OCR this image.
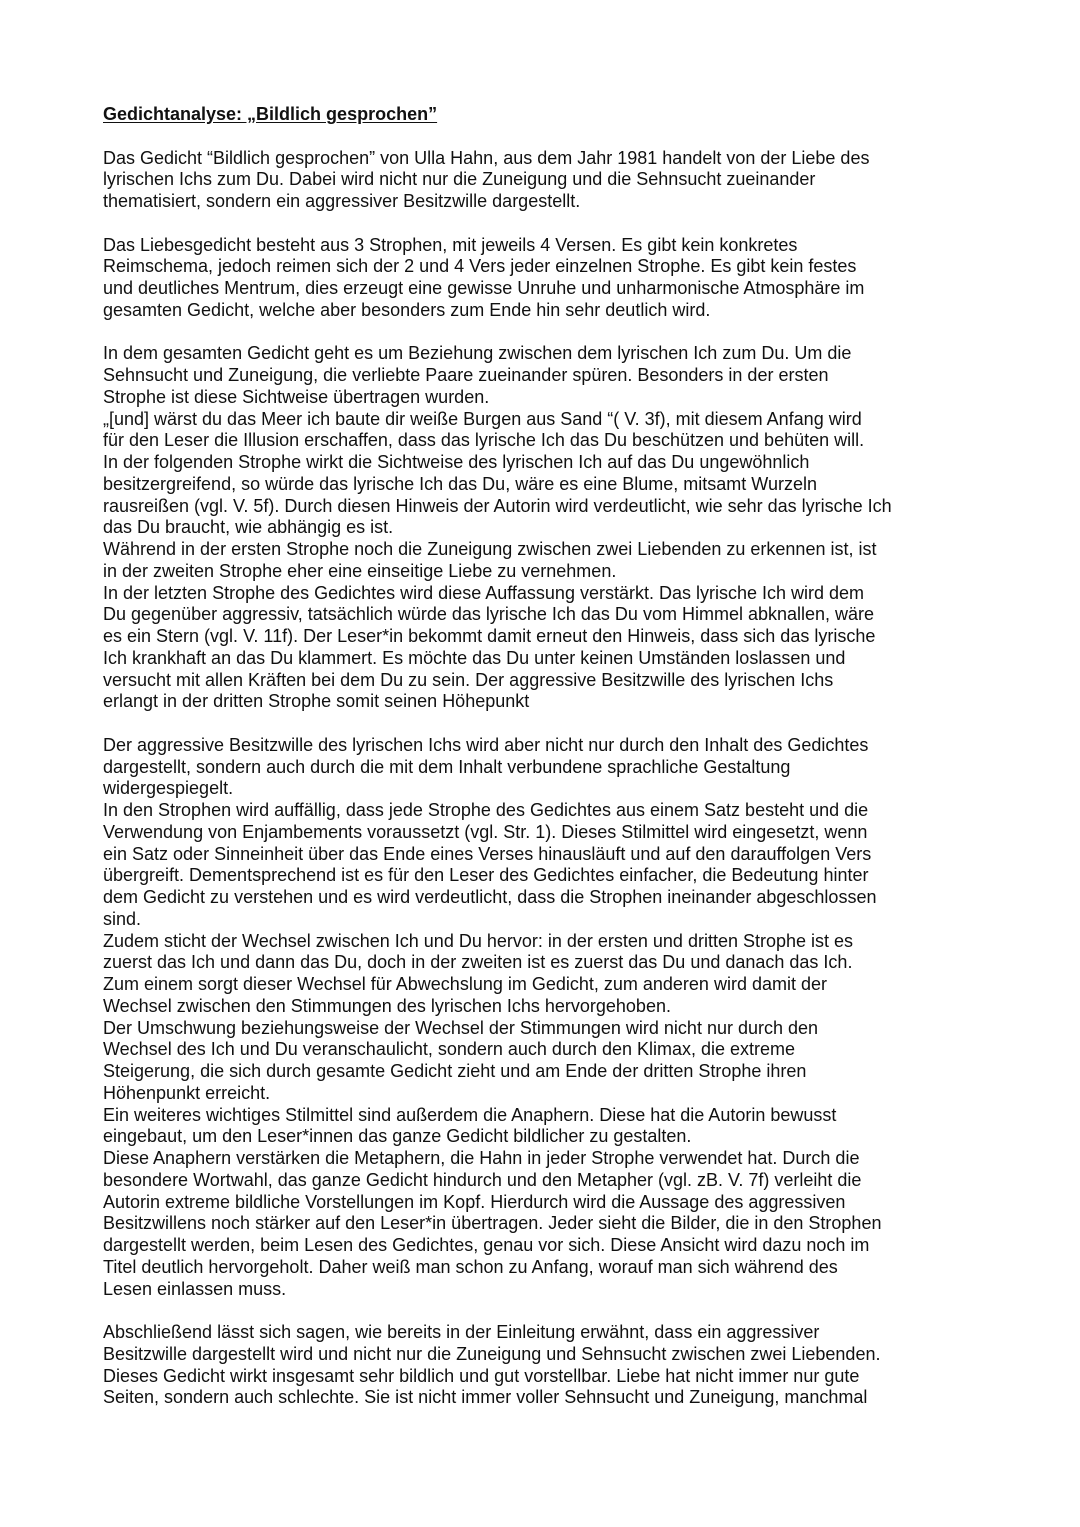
Gedichtanalyse: „Bildlich gesprochen”
Das Gedicht “Bildlich gesprochen” von Ulla Hahn, aus dem Jahr 1981 handelt von der Liebe des
lyrischen Ichs zum Du. Dabei wird nicht nur die Zuneigung und die Sehnsucht zueinander
thematisiert, sondern ein aggressiver Besitzwille dargestellt.
Das Liebesgedicht besteht aus 3 Strophen, mit jeweils 4 Versen. Es gibt kein konkretes
Reimschema, jedoch reimen sich der 2 und 4 Vers jeder einzelnen Strophe. Es gibt kein festes
und deutliches Mentrum, dies erzeugt eine gewisse Unruhe und unharmonische Atmosphäre im
gesamten Gedicht, welche aber besonders zum Ende hin sehr deutlich wird.
In dem gesamten Gedicht geht es um Beziehung zwischen dem lyrischen Ich zum Du. Um die
Sehnsucht und Zuneigung, die verliebte Paare zueinander spüren. Besonders in der ersten
Strophe ist diese Sichtweise übertragen wurden.
„[und] wärst du das Meer ich baute dir weiße Burgen aus Sand “( V. 3f), mit diesem Anfang wird
für den Leser die Illusion erschaffen, dass das lyrische Ich das Du beschützen und behüten will.
In der folgenden Strophe wirkt die Sichtweise des lyrischen Ich auf das Du ungewöhnlich
besitzergreifend, so würde das lyrische Ich das Du, wäre es eine Blume, mitsamt Wurzeln
rausreißen (vgl. V. 5f). Durch diesen Hinweis der Autorin wird verdeutlicht, wie sehr das lyrische Ich
das Du braucht, wie abhängig es ist.
Während in der ersten Strophe noch die Zuneigung zwischen zwei Liebenden zu erkennen ist, ist
in der zweiten Strophe eher eine einseitige Liebe zu vernehmen.
In der letzten Strophe des Gedichtes wird diese Auffassung verstärkt. Das lyrische Ich wird dem
Du gegenüber aggressiv, tatsächlich würde das lyrische Ich das Du vom Himmel abknallen, wäre
es ein Stern (vgl. V. 11f). Der Leser*in bekommt damit erneut den Hinweis, dass sich das lyrische
Ich krankhaft an das Du klammert. Es möchte das Du unter keinen Umständen loslassen und
versucht mit allen Kräften bei dem Du zu sein. Der aggressive Besitzwille des lyrischen Ichs
erlangt in der dritten Strophe somit seinen Höhepunkt
Der aggressive Besitzwille des lyrischen Ichs wird aber nicht nur durch den Inhalt des Gedichtes
dargestellt, sondern auch durch die mit dem Inhalt verbundene sprachliche Gestaltung
widergespiegelt.
In den Strophen wird auffällig, dass jede Strophe des Gedichtes aus einem Satz besteht und die
Verwendung von Enjambements voraussetzt (vgl. Str. 1). Dieses Stilmittel wird eingesetzt, wenn
ein Satz oder Sinneinheit über das Ende eines Verses hinausläuft und auf den darauffolgen Vers
übergreift. Dementsprechend ist es für den Leser des Gedichtes einfacher, die Bedeutung hinter
dem Gedicht zu verstehen und es wird verdeutlicht, dass die Strophen ineinander abgeschlossen
sind.
Zudem sticht der Wechsel zwischen Ich und Du hervor: in der ersten und dritten Strophe ist es
zuerst das Ich und dann das Du, doch in der zweiten ist es zuerst das Du und danach das Ich.
Zum einem sorgt dieser Wechsel für Abwechslung im Gedicht, zum anderen wird damit der
Wechsel zwischen den Stimmungen des lyrischen Ichs hervorgehoben.
Der Umschwung beziehungsweise der Wechsel der Stimmungen wird nicht nur durch den
Wechsel des Ich und Du veranschaulicht, sondern auch durch den Klimax, die extreme
Steigerung, die sich durch gesamte Gedicht zieht und am Ende der dritten Strophe ihren
Höhenpunkt erreicht.
Ein weiteres wichtiges Stilmittel sind außerdem die Anaphern. Diese hat die Autorin bewusst
eingebaut, um den Leser*innen das ganze Gedicht bildlicher zu gestalten.
Diese Anaphern verstärken die Metaphern, die Hahn in jeder Strophe verwendet hat. Durch die
besondere Wortwahl, das ganze Gedicht hindurch und den Metapher (vgl. zB. V. 7f) verleiht die
Autorin extreme bildliche Vorstellungen im Kopf. Hierdurch wird die Aussage des aggressiven
Besitzwillens noch stärker auf den Leser*in übertragen. Jeder sieht die Bilder, die in den Strophen
dargestellt werden, beim Lesen des Gedichtes, genau vor sich. Diese Ansicht wird dazu noch im
Titel deutlich hervorgeholt. Daher weiß man schon zu Anfang, worauf man sich während des
Lesen einlassen muss.
Abschließend lässt sich sagen, wie bereits in der Einleitung erwähnt, dass ein aggressiver
Besitzwille dargestellt wird und nicht nur die Zuneigung und Sehnsucht zwischen zwei Liebenden.
Dieses Gedicht wirkt insgesamt sehr bildlich und gut vorstellbar. Liebe hat nicht immer nur gute
Seiten, sondern auch schlechte. Sie ist nicht immer voller Sehnsucht und Zuneigung, manchmal
